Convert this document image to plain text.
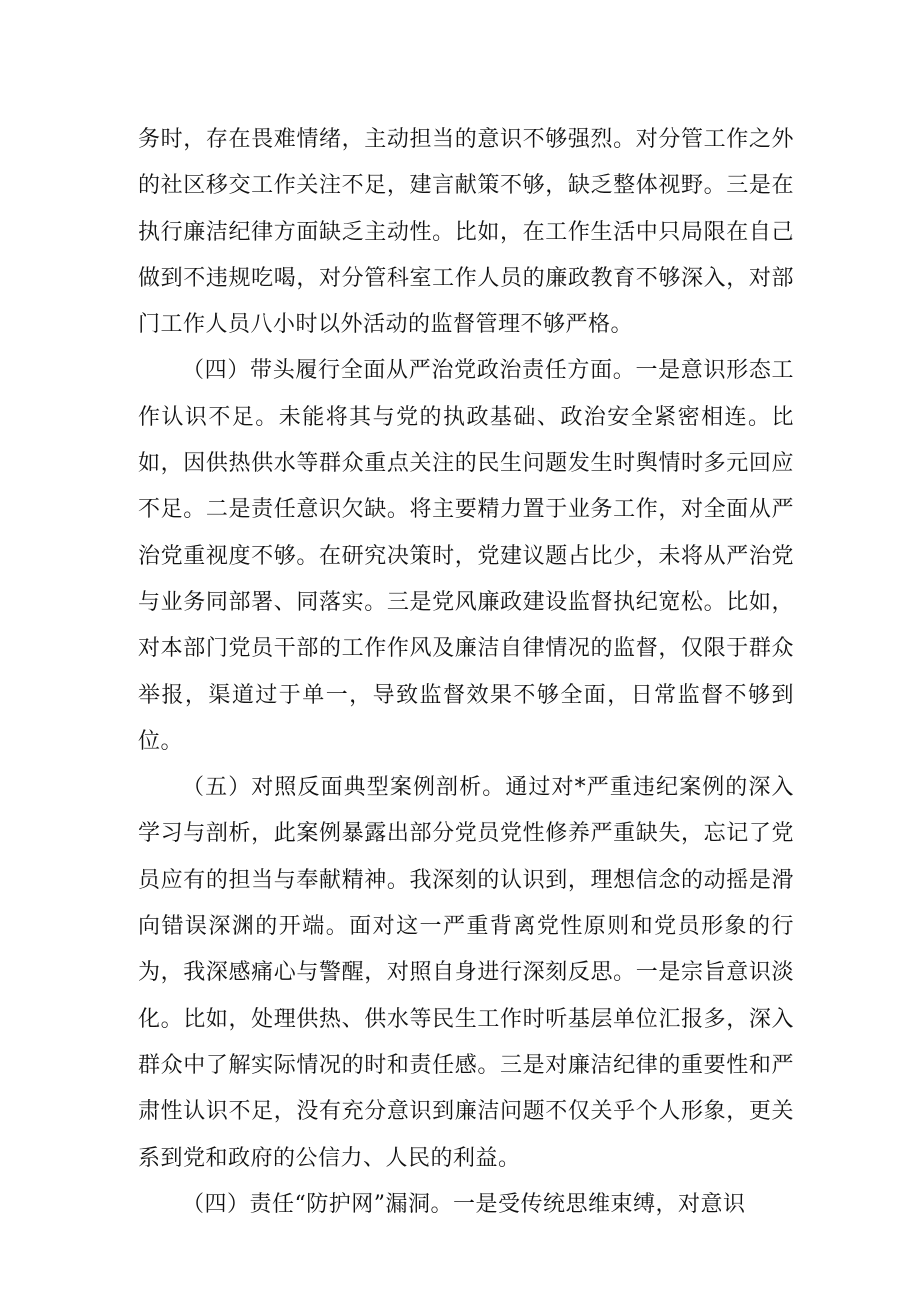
务时，存在畏难情绪，主动担当的意识不够强烈。对分管工作之外的社区移交工作关注不足，建言献策不够，缺乏整体视野。三是在执行廉洁纪律方面缺乏主动性。比如，在工作生活中只局限在自己做到不违规吃喝，对分管科室工作人员的廉政教育不够深入，对部门工作人员八小时以外活动的监督管理不够严格。

（四）带头履行全面从严治党政治责任方面。一是意识形态工作认识不足。未能将其与党的执政基础、政治安全紧密相连。比如，因供热供水等群众重点关注的民生问题发生时舆情时多元回应不足。二是责任意识欠缺。将主要精力置于业务工作，对全面从严治党重视度不够。在研究决策时，党建议题占比少，未将从严治党与业务同部署、同落实。三是党风廉政建设监督执纪宽松。比如，对本部门党员干部的工作作风及廉洁自律情况的监督，仅限于群众举报，渠道过于单一，导致监督效果不够全面，日常监督不够到位。

（五）对照反面典型案例剖析。通过对*严重违纪案例的深入学习与剖析，此案例暴露出部分党员党性修养严重缺失，忘记了党员应有的担当与奉献精神。我深刻的认识到，理想信念的动摇是滑向错误深渊的开端。面对这一严重背离党性原则和党员形象的行为，我深感痛心与警醒，对照自身进行深刻反思。一是宗旨意识淡化。比如，处理供热、供水等民生工作时听基层单位汇报多，深入群众中了解实际情况的时和责任感。三是对廉洁纪律的重要性和严肃性认识不足，没有充分意识到廉洁问题不仅关乎个人形象，更关系到党和政府的公信力、人民的利益。

（四）责任“防护网”漏洞。一是受传统思维束缚，对意识
